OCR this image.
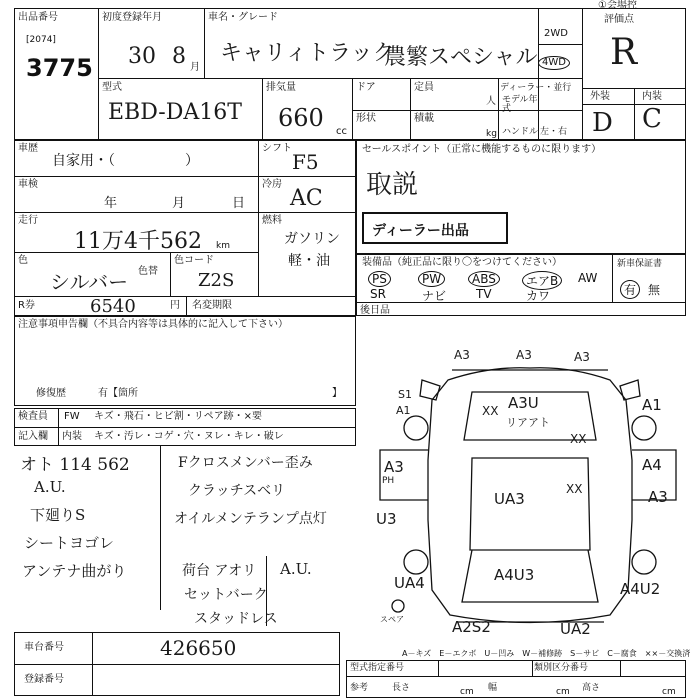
出品番号
[2074]
3775
初度登録年月
30 8 月
車名・グレード
キャリィトラック
農繁スペシャル
2WD
4WD
ディーラー・並行
①会場控
評価点
R
外装	内装
D C
型式
EBD-DA16T
排気量
660 cc
ドア	定員
人
形状	積載
kg
モデル年式
ハンドル 左・右
車歴
自家用・（　　　　　）
シフト
F5
車検
年	月	日
冷房
AC
走行
11万4千562 km
燃料
ガソリン
軽・油
色
シルバー 色替
色コード
Z2S
R券	6540	円 名変期限
セールスポイント（正常に機能するものに限ります）
取説
ディーラー出品
装備品（純正品に限り〇をつけてください）	新車保証書
PS	PW	ABS	エアB	AW
SR	ナビ TV	カワ	有 無
後日品
注意事項申告欄（不具合内容等は具体的に記入して下さい）
修復歴	有【箇所	】
検査員
記入欄
FW キズ・飛石・ヒビ割・リペア跡・×要
内装 キズ・汚レ・コゲ・穴・ヌレ・キレ・破レ
オト 114 562
A.U.
下廻りS
シートヨゴレ
アンテナ曲がり
Fクロスメンバー歪み
クラッチスベリ
オイルメンテランプ点灯
荷台 アオリ A.U.
セットバーク
スタッドレス
A3	A3	A3
S1
A1	XX A3U
リアアト
A1
XX
A4
A3
PH
UA3
XX
A3
U3
UA4	A4U3
A4U2
A2S2	UA2
スペア
車台番号	426650
登録番号
A－キズ　E－エクボ　U－凹み　W－補修跡　S－サビ　C－腐食　××－交換済
型式指定番号	類別区分番号
参考	長さ	幅	高さ
cm	cm	cm
